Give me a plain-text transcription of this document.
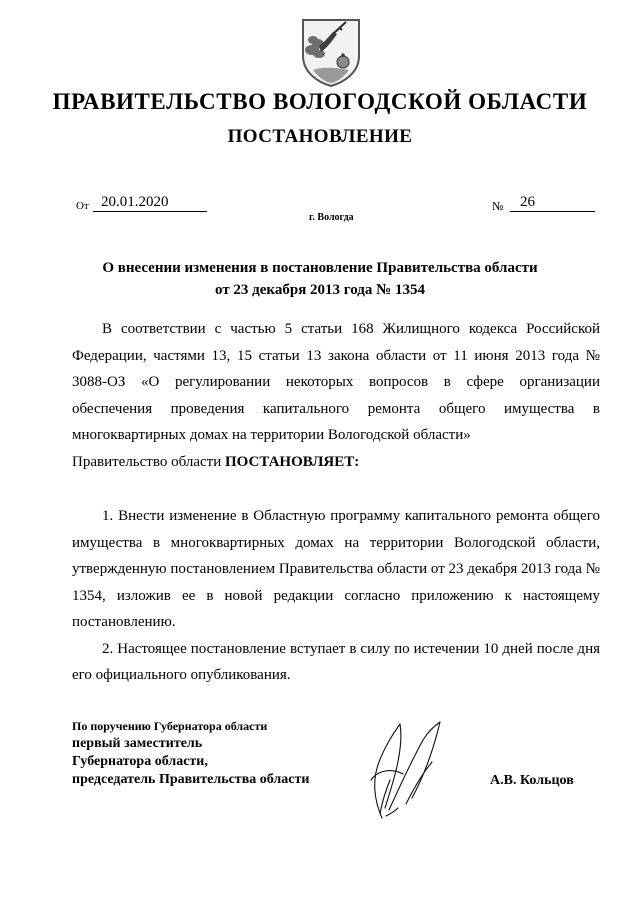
ПРАВИТЕЛЬСТВО ВОЛОГОДСКОЙ ОБЛАСТИ
ПОСТАНОВЛЕНИЕ
От 20.01.2020	№	26
г. Вологда
О внесении изменения в постановление Правительства области
от 23 декабря 2013 года № 1354

В соответствии с частью 5 статьи 168 Жилищного кодекса Российской Федерации, частями 13, 15 статьи 13 закона области от 11 июня 2013 года № 3088-ОЗ «О регулировании некоторых вопросов в сфере организации обеспечения проведения капитального ремонта общего имущества в многоквартирных домах на территории Вологодской области»

Правительство области ПОСТАНОВЛЯЕТ:

1. Внести изменение в Областную программу капитального ремонта общего имущества в многоквартирных домах на территории Вологодской области, утвержденную постановлением Правительства области от 23 декабря 2013 года № 1354, изложив ее в новой редакции согласно приложению к настоящему постановлению.

2. Настоящее постановление вступает в силу по истечении 10 дней после дня его официального опубликования.

По поручению Губернатора области
первый заместитель
Губернатора области,
председатель Правительства области	А.В. Кольцов
